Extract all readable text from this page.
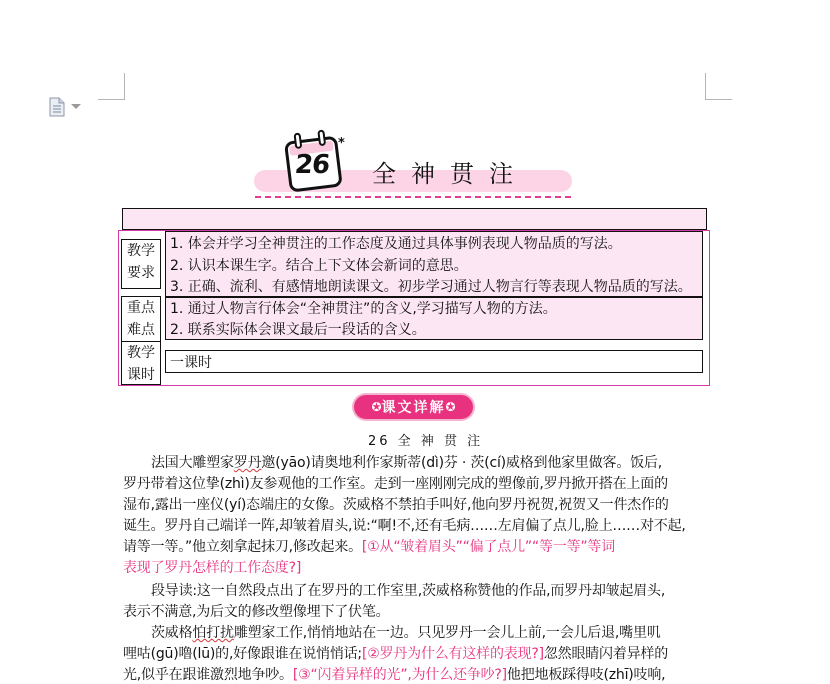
26
*
全神贯注
教学要求
1. 体会并学习全神贯注的工作态度及通过具体事例表现人物品质的写法。
2. 认识本课生字。结合上下文体会新词的意思。
3. 正确、流利、有感情地朗读课文。初步学习通过人物言行等表现人物品质的写法。
重点难点
1. 通过人物言行体会“全神贯注”的含义,学习描写人物的方法。
2. 联系实际体会课文最后一段话的含义。
教学课时
一课时
✪ 课文详解 ✪
26 全 神 贯 注
法国大雕塑家罗丹邀(yāo)请奥地利作家斯蒂(dì)芬 · 茨(cí)威格到他家里做客。饭后,
罗丹带着这位挚(zhì)友参观他的工作室。走到一座刚刚完成的塑像前,罗丹掀开搭在上面的
湿布,露出一座仪(yí)态端庄的女像。茨威格不禁拍手叫好,他向罗丹祝贺,祝贺又一件杰作的
诞生。罗丹自己端详一阵,却皱着眉头,说:“啊!不,还有毛病……左肩偏了点儿,脸上……对不起,
请等一等。”他立刻拿起抹刀,修改起来。[①从“皱着眉头”“偏了点儿”“等一等”等词
表现了罗丹怎样的工作态度?]
段导读:这一自然段点出了在罗丹的工作室里,茨威格称赞他的作品,而罗丹却皱起眉头,
表示不满意,为后文的修改塑像埋下了伏笔。
茨威格怕打扰雕塑家工作,悄悄地站在一边。只见罗丹一会儿上前,一会儿后退,嘴里叽
哩咕(gū)噜(lū)的,好像跟谁在说悄悄话;[②罗丹为什么有这样的表现?]忽然眼睛闪着异样的
光,似乎在跟谁激烈地争吵。[③“闪着异样的光”,为什么还争吵?]他把地板踩得吱(zhī)吱响,
